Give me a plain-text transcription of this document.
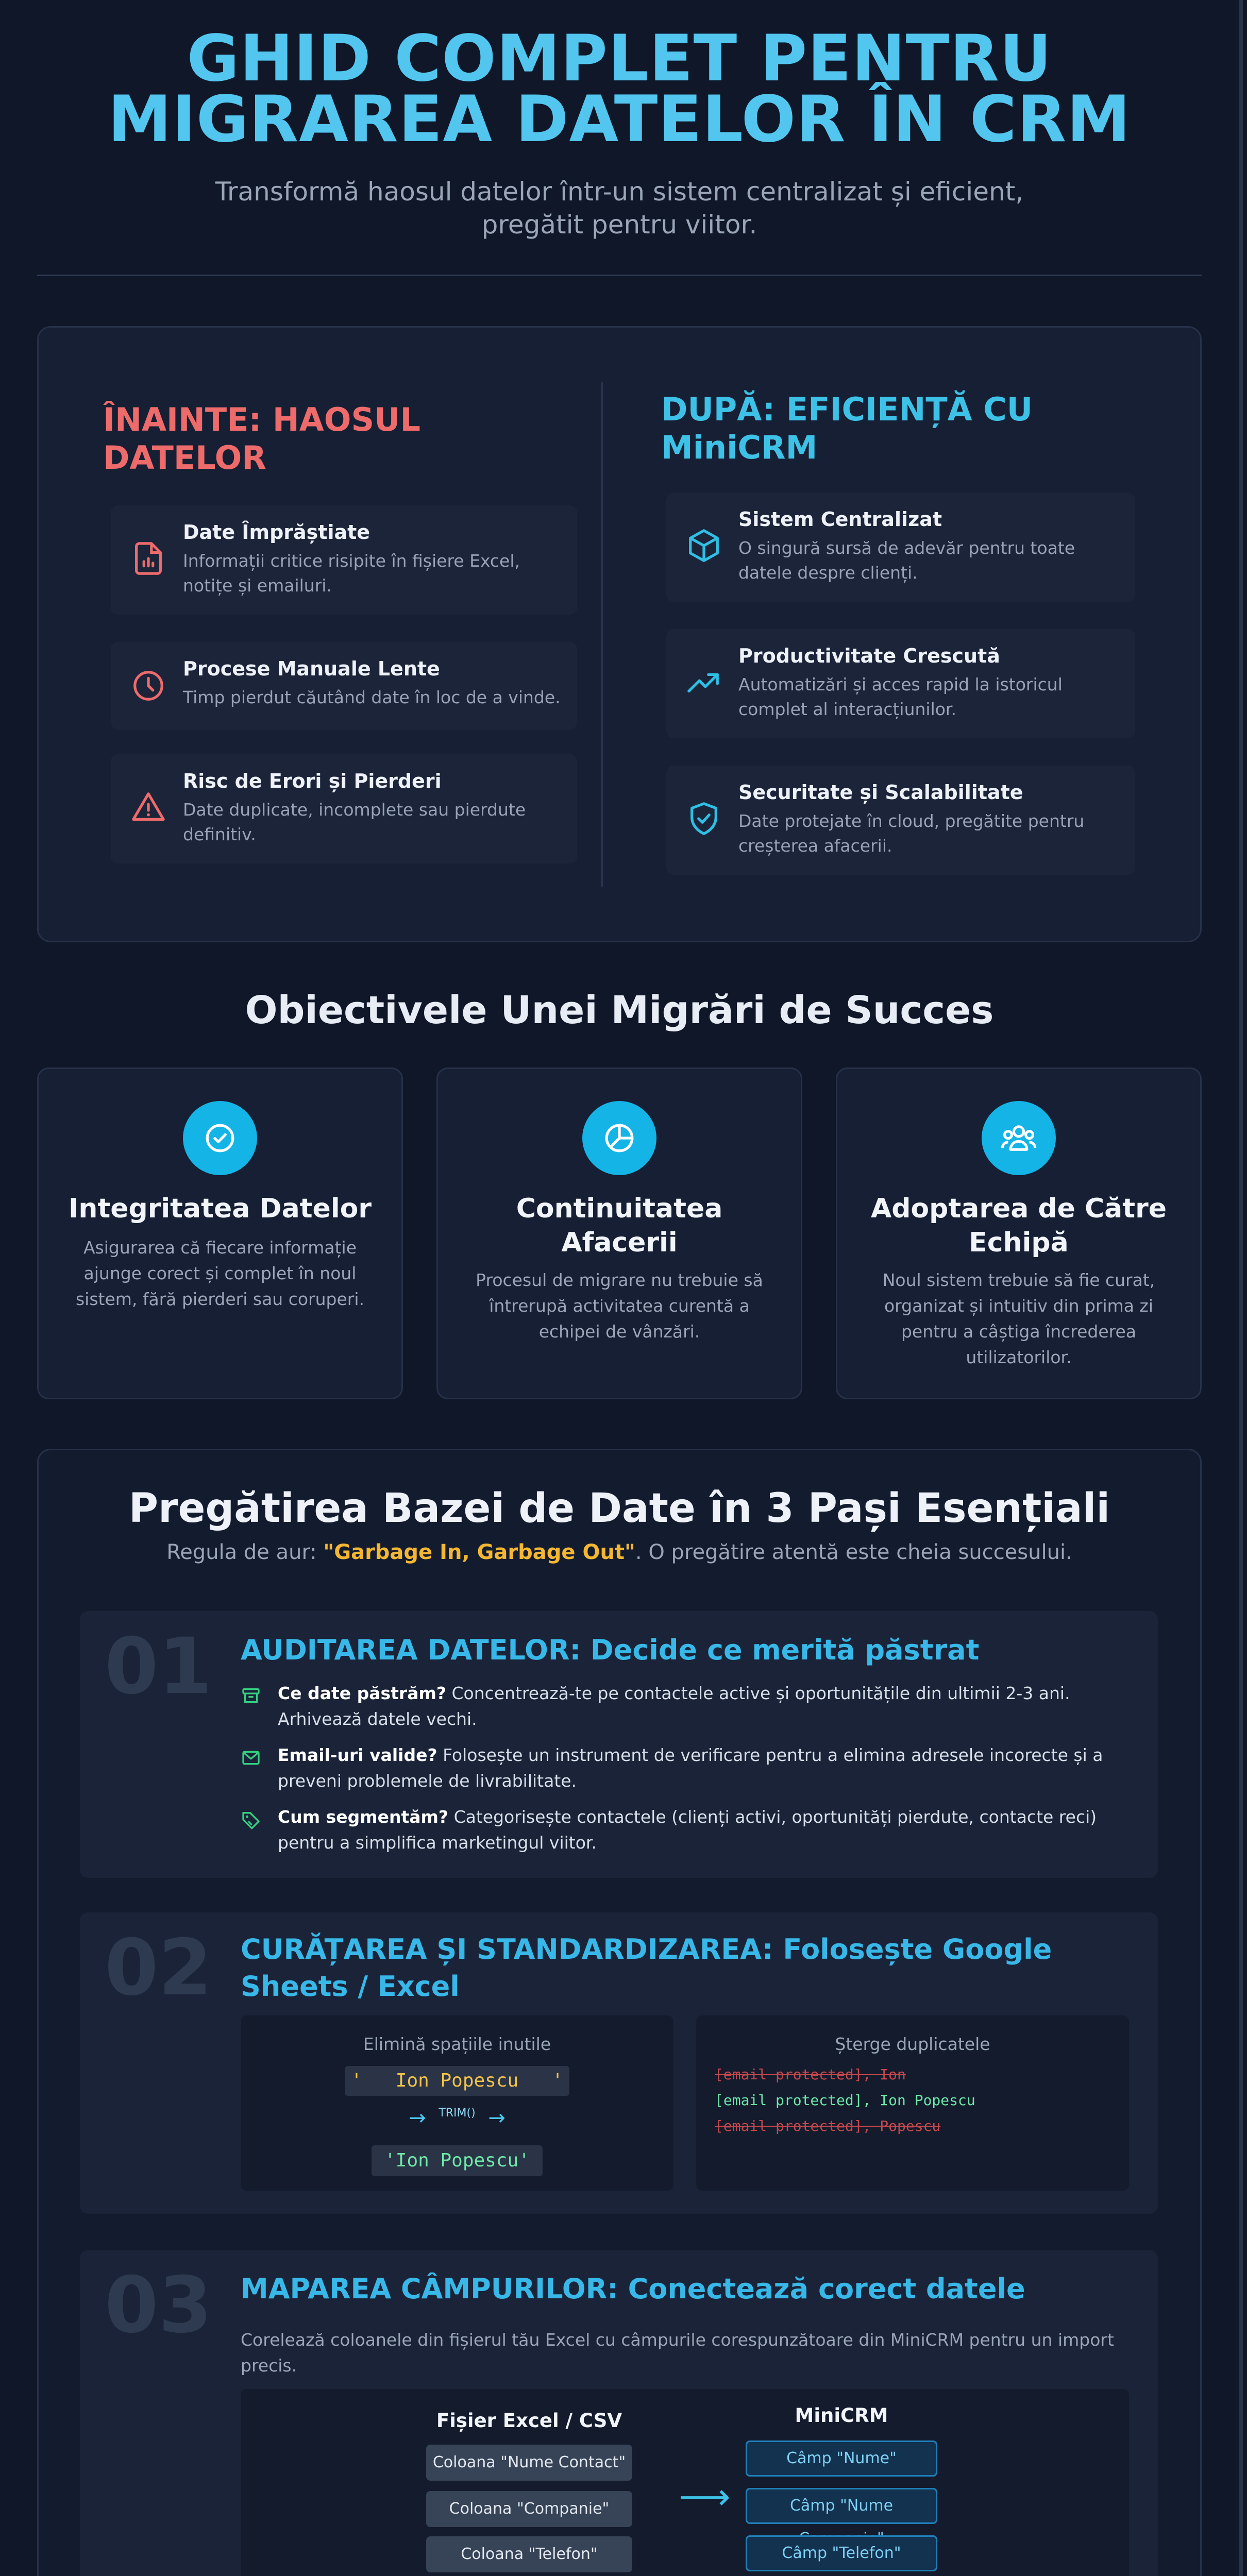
GHID COMPLET PENTRU
MIGRAREA DATELOR ÎN CRM
Transformă haosul datelor într-un sistem centralizat și eficient, pregătit pentru viitor.
ÎNAINTE: HAOSUL DATELOR
DUPĂ: EFICIENȚĂ CU MiniCRM
Date Împrăștiate
Informații critice risipite în fișiere Excel, notițe și emailuri.
Procese Manuale Lente
Timp pierdut căutând date în loc de a vinde.
Risc de Erori și Pierderi
Date duplicate, incomplete sau pierdute definitiv.
Sistem Centralizat
O singură sursă de adevăr pentru toate datele despre clienți.
Productivitate Crescută
Automatizări și acces rapid la istoricul complet al interacțiunilor.
Securitate și Scalabilitate
Date protejate în cloud, pregătite pentru creșterea afacerii.
Obiectivele Unei Migrări de Succes
Integritatea Datelor
Asigurarea că fiecare informație ajunge corect și complet în noul sistem, fără pierderi sau coruperi.
Continuitatea Afacerii
Procesul de migrare nu trebuie să întrerupă activitatea curentă a echipei de vânzări.
Adoptarea de Către Echipă
Noul sistem trebuie să fie curat, organizat și intuitiv din prima zi pentru a câștiga încrederea utilizatorilor.
Pregătirea Bazei de Date în 3 Pași Esențiali
Regula de aur: "Garbage In, Garbage Out". O pregătire atentă este cheia succesului.
01 AUDITAREA DATELOR: Decide ce merită păstrat
Ce date păstrăm? Concentrează-te pe contactele active și oportunitățile din ultimii 2-3 ani. Arhivează datele vechi.
Email-uri valide? Folosește un instrument de verificare pentru a elimina adresele incorecte și a preveni problemele de livrabilitate.
Cum segmentăm? Categorisește contactele (clienți activi, oportunități pierdute, contacte reci) pentru a simplifica marketingul viitor.
02 CURĂȚAREA ȘI STANDARDIZAREA: Folosește Google Sheets / Excel
Elimină spațiile inutile
'   Ion Popescu   '
→ $^{TRIM()}$ →
'Ion Popescu'
Șterge duplicatele
[email protected], Ion
[email protected], Ion Popescu
[email protected], Popescu
03 MAPAREA CÂMPURILOR: Conectează corect datele
Corelează coloanele din fișierul tău Excel cu câmpurile corespunzătoare din MiniCRM pentru un import precis.
Fișier Excel / CSV	MiniCRM
Coloana "Nume Contact"
Coloana "Companie"
Coloana "Telefon"
⟶
Câmp "Nume"
Câmp "Nume
Câmp "Telefon"
